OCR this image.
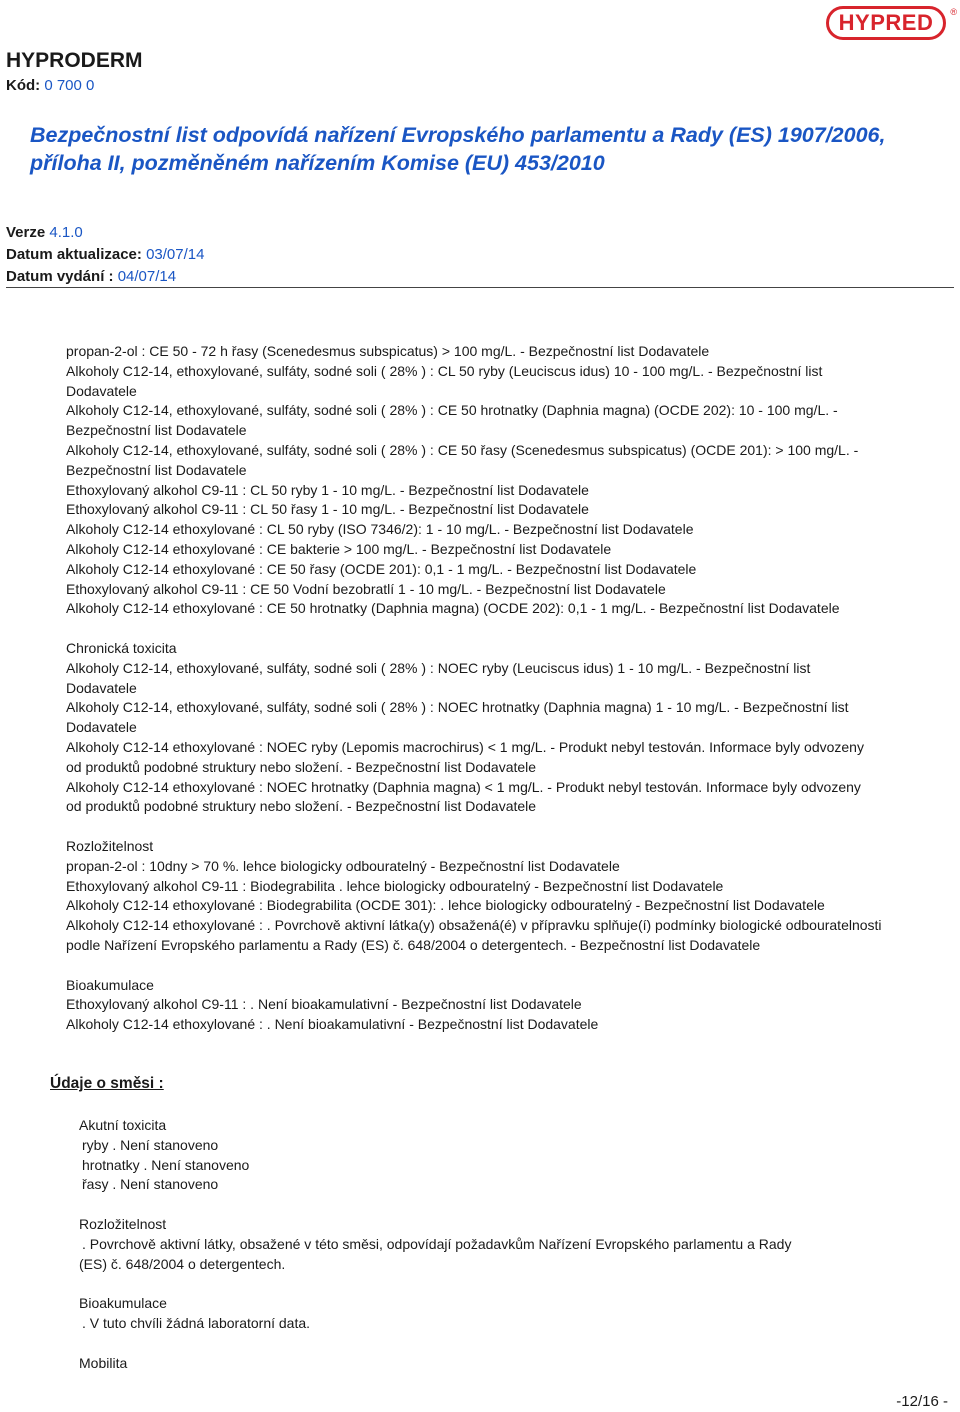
HYPRED ®
HYPRODERM
Kód: 0 700 0
Bezpečnostní list odpovídá nařízení Evropského parlamentu a Rady (ES) 1907/2006,
příloha II, pozměněném nařízením Komise (EU) 453/2010
Verze 4.1.0
Datum aktualizace: 03/07/14
Datum vydání : 04/07/14

propan-2-ol : CE 50 - 72 h řasy (Scenedesmus subspicatus) > 100 mg/L. - Bezpečnostní list Dodavatele

Alkoholy C12-14, ethoxylované, sulfáty, sodné soli ( 28% ) : CL 50 ryby (Leuciscus idus) 10 - 100 mg/L. - Bezpečnostní list

Dodavatele

Alkoholy C12-14, ethoxylované, sulfáty, sodné soli ( 28% ) : CE 50 hrotnatky (Daphnia magna) (OCDE 202): 10 - 100 mg/L. -

Bezpečnostní list Dodavatele

Alkoholy C12-14, ethoxylované, sulfáty, sodné soli ( 28% ) : CE 50 řasy (Scenedesmus subspicatus) (OCDE 201): > 100 mg/L. -

Bezpečnostní list Dodavatele

Ethoxylovaný alkohol C9-11 : CL 50 ryby 1 - 10 mg/L. - Bezpečnostní list Dodavatele

Ethoxylovaný alkohol C9-11 : CL 50 řasy 1 - 10 mg/L. - Bezpečnostní list Dodavatele

Alkoholy C12-14 ethoxylované : CL 50 ryby (ISO 7346/2): 1 - 10 mg/L. - Bezpečnostní list Dodavatele

Alkoholy C12-14 ethoxylované : CE bakterie > 100 mg/L. - Bezpečnostní list Dodavatele

Alkoholy C12-14 ethoxylované : CE 50 řasy (OCDE 201): 0,1 - 1 mg/L. - Bezpečnostní list Dodavatele

Ethoxylovaný alkohol C9-11 : CE 50 Vodní bezobratlí 1 - 10 mg/L. - Bezpečnostní list Dodavatele

Alkoholy C12-14 ethoxylované : CE 50 hrotnatky (Daphnia magna) (OCDE 202): 0,1 - 1 mg/L. - Bezpečnostní list Dodavatele

Chronická toxicita

Alkoholy C12-14, ethoxylované, sulfáty, sodné soli ( 28% ) : NOEC ryby (Leuciscus idus) 1 - 10 mg/L. - Bezpečnostní list

Dodavatele

Alkoholy C12-14, ethoxylované, sulfáty, sodné soli ( 28% ) : NOEC hrotnatky (Daphnia magna) 1 - 10 mg/L. - Bezpečnostní list

Dodavatele

Alkoholy C12-14 ethoxylované : NOEC ryby (Lepomis macrochirus) < 1 mg/L. - Produkt nebyl testován. Informace byly odvozeny

od produktů podobné struktury nebo složení. - Bezpečnostní list Dodavatele

Alkoholy C12-14 ethoxylované : NOEC hrotnatky (Daphnia magna) < 1 mg/L. - Produkt nebyl testován. Informace byly odvozeny

od produktů podobné struktury nebo složení. - Bezpečnostní list Dodavatele

Rozložitelnost

propan-2-ol : 10dny > 70 %. lehce biologicky odbouratelný - Bezpečnostní list Dodavatele

Ethoxylovaný alkohol C9-11 : Biodegrabilita . lehce biologicky odbouratelný - Bezpečnostní list Dodavatele

Alkoholy C12-14 ethoxylované : Biodegrabilita (OCDE 301): . lehce biologicky odbouratelný - Bezpečnostní list Dodavatele

Alkoholy C12-14 ethoxylované : . Povrchově aktivní látka(y) obsažená(é) v přípravku splňuje(í) podmínky biologické odbouratelnosti

podle Nařízení Evropského parlamentu a Rady (ES) č. 648/2004 o detergentech. - Bezpečnostní list Dodavatele

Bioakumulace

Ethoxylovaný alkohol C9-11 : . Není bioakamulativní - Bezpečnostní list Dodavatele

Alkoholy C12-14 ethoxylované : . Není bioakamulativní - Bezpečnostní list Dodavatele

Údaje o směsi :

Akutní toxicita

ryby . Není stanoveno

hrotnatky . Není stanoveno

řasy . Není stanoveno

Rozložitelnost

. Povrchově aktivní látky, obsažené v této směsi, odpovídají požadavkům Nařízení Evropského parlamentu a Rady

(ES) č. 648/2004 o detergentech.

Bioakumulace

. V tuto chvíli žádná laboratorní data.

Mobilita

-12/16 -
